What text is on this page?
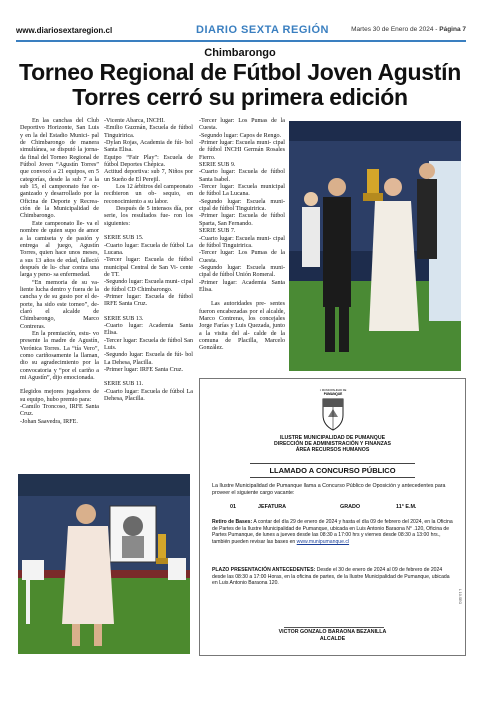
www.diariosextaregion.cl	DIARIO SEXTA REGIÓN	Martes 30 de Enero de 2024 - Página 7
Chimbarongo
Torneo Regional de Fútbol Joven Agustín Torres cerró su primera edición

En las canchas del Club Deportivo Horizonte, San Luis y en la del Estadio Munici- pal de Chimbarongo de manera simultánea, se disputó la jorna- da final del Torneo Regional de Fútbol Joven “Agustín Torres” que convocó a 21 equipos, en 5 categorías, desde la sub 7 a la sub 15, el campeonato fue or- ganizado y desarrollado por la Oficina de Deporte y Recrea- ción de la Municipalidad de Chimbarongo.

Este campeonato lle- va el nombre de quien supo de amor a la camiseta y de pasión y entrega al juego, Agustín Torres, quien hace unos meses, a sus 13 años de edad, falleció después de lu- char contra una larga y peno- sa enfermedad.

“En memoria de su va- liente lucha dentro y fuera de la cancha y de su gusto por el de- porte, ha sido este torneo”, de- claró el alcalde de Chimbarongo, Marco Contreras.

En la premiación, estu- vo presente la madre de Agustín, Verónica Torres. La “tía Vero”, como cariñosamente la llaman, dio su agradecimiento por la convocatoria y “por el cariño a mi Agustín”, dijo emocionada.

Elegidos mejores jugadores de su equipo, hubo premio para:

-Camilo Troncoso, IRFE Santa Cruz.

-Johan Saavedra, IRFE.

-Vicente Abarca, INCHI.

-Emilio Guzmán, Escuela de fútbol Tinguiririca.

-Dylan Rojas, Academia de fút- bol Santa Elisa.

Equipo “Fair Play”: Escuela de fútbol Deportes Chépica.

Actitud deportiva: sub 7, Niños por un Sueño de El Perejil.

Los 12 árbitros del campeonato recibieron un ob- sequio, en reconocimiento a su labor.

Después de 5 intensos día, por serie, los resultados fue- ron los siguientes:

SERIE SUB 15.

-Cuarto lugar: Escuela de fútbol La Lucana.

-Tercer lugar: Escuela de fútbol municipal Central de San Vi- cente de TT.

-Segundo lugar: Escuela muni- cipal de fútbol CD Chimbarongo.

-Primer lugar: Escuela de fútbol IRFE Santa Cruz.

SERIE SUB 13.

-Cuarto lugar: Academia Santa Elisa.

-Tercer lugar: Escuela de fútbol San Luis.

-Segundo lugar: Escuela de fút- bol La Dehesa, Placilla.

-Primer lugar: IRFE Santa Cruz.

SERIE SUB 11.

-Cuarto lugar: Escuela de fútbol La Dehesa, Placilla.

-Tercer lugar: Los Pumas de la Cuesta.

-Segundo lugar: Capos de Rengo.

-Primer lugar: Escuela muni- cipal de fútbol INCHI Germán Rosales Fierro.

SERIE SUB 9.

-Cuarto lugar: Escuela de fútbol Santa Isabel.

-Tercer lugar: Escuela municipal de fútbol La Lucana.

-Segundo lugar: Escuela muni- cipal de fútbol Tinguiririca.

-Primer lugar: Escuela de fútbol Sparta, San Fernando.

SERIE SUB 7.

-Cuarto lugar: Escuela muni- cipal de fútbol Tinguiririca.

-Tercer lugar: Los Pumas de la Cuesta.

-Segundo lugar: Escuela muni- cipal de fútbol Unión Romeral.

-Primer lugar: Academia Santa Elisa.

Las autoridades pre- sentes fueron encabezadas por el alcalde, Marco Contreras, los concejales Jorge Farías y Luis Quezada, junto a la visita del al- calde de la comuna de Placilla, Marcelo González.

I. MUNICIPALIDAD DE
PUMANQUE
ILUSTRE MUNICIPALIDAD DE PUMANQUE
DIRECCIÓN DE ADMINISTRACIÓN Y FINANZAS
ÁREA RECURSOS HUMANOS
LLAMADO A CONCURSO PÚBLICO
La Ilustre Municipalidad de Pumanque llama a Concurso Público de Oposición y antecedentes para proveer el siguiente cargo vacante:
01	JEFATURA	GRADO	11° E.M.
Retiro de Bases: A contar del día 29 de enero de 2024 y hasta el día 09 de febrero del 2024, en la Oficina de Partes de la Ilustre Municipalidad de Pumanque, ubicada en Luis Antonio Baraona N° .120, Oficina de Partes Pumanque, de lunes a jueves desde las 08:30 a 17:00 hrs y viernes desde 08:30 a 13:00 hrs., también pueden revisar las bases en www.munipumanque.cl
PLAZO PRESENTACIÓN ANTECEDENTES: Desde el 30 de enero de 2024 al 09 de febrero de 2024 desde las 08:30 a 17:00 Horas, en la oficina de partes, de la Ilustre Municipalidad de Pumanque, ubicada en Luis Antonio Baraona 120.
VICTOR GONZALO BARAONA BEZANILLA
ALCALDE
L 10-SEG
